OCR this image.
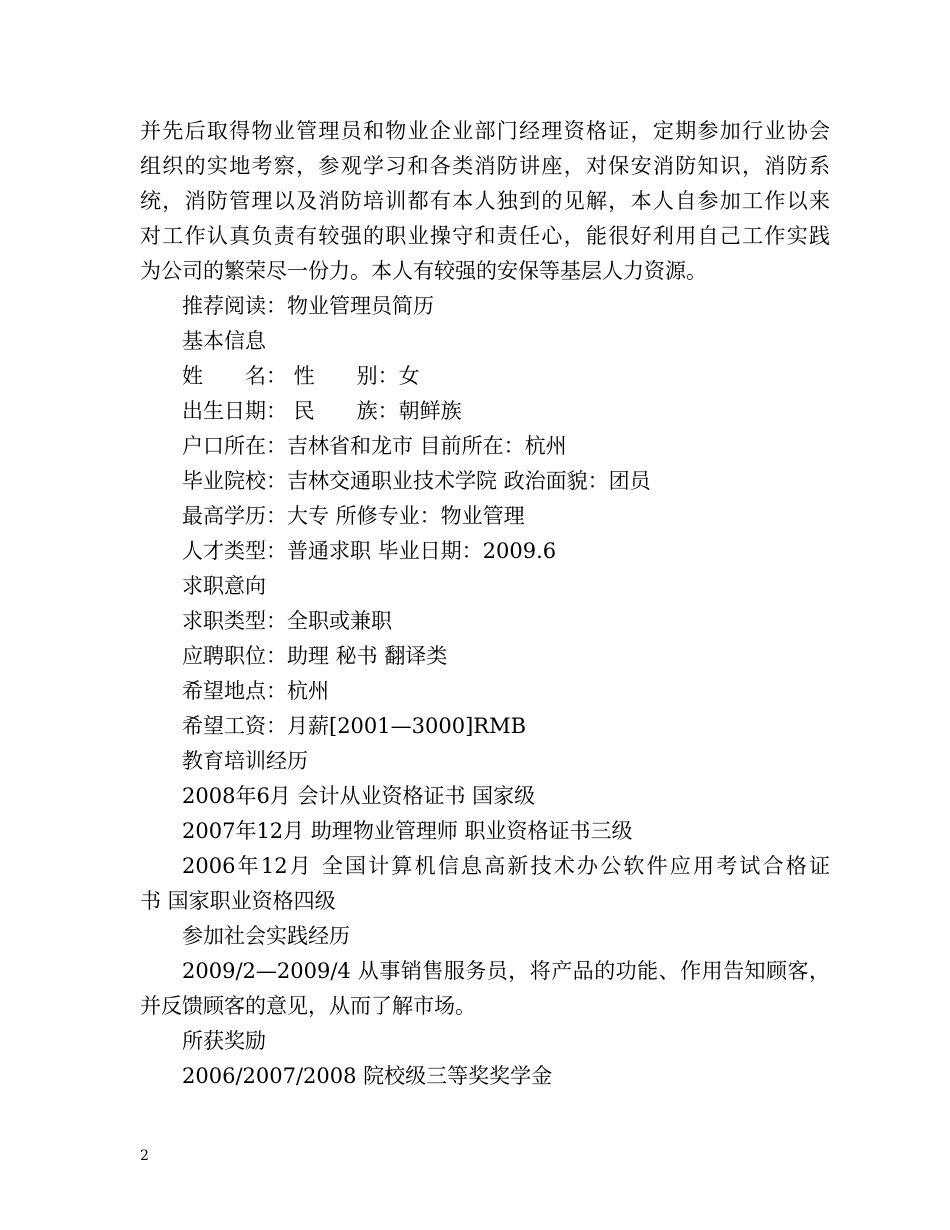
并先后取得物业管理员和物业企业部门经理资格证，定期参加行业协会
组织的实地考察，参观学习和各类消防讲座，对保安消防知识，消防系
统，消防管理以及消防培训都有本人独到的见解，本人自参加工作以来
对工作认真负责有较强的职业操守和责任心，能很好利用自己工作实践
为公司的繁荣尽一份力。本人有较强的安保等基层人力资源。
推荐阅读：物业管理员简历
基本信息
姓　　名： 性　　别：女
出生日期： 民　　族：朝鲜族
户口所在：吉林省和龙市 目前所在：杭州
毕业院校：吉林交通职业技术学院 政治面貌：团员
最高学历：大专 所修专业：物业管理
人才类型：普通求职 毕业日期：2009.6
求职意向
求职类型：全职或兼职
应聘职位：助理 秘书 翻译类
希望地点：杭州
希望工资：月薪[2001—3000]RMB
教育培训经历
2008年6月 会计从业资格证书 国家级
2007年12月 助理物业管理师 职业资格证书三级
2006年12月 全国计算机信息高新技术办公软件应用考试合格证
书 国家职业资格四级
参加社会实践经历
2009/2—2009/4 从事销售服务员，将产品的功能、作用告知顾客，
并反馈顾客的意见，从而了解市场。
所获奖励
2006/2007/2008 院校级三等奖奖学金
2
